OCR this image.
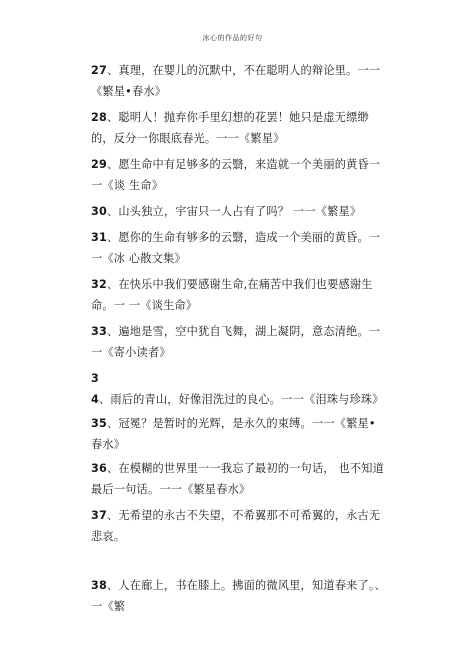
冰心的作品的好句

27、真理，在婴儿的沉默中，不在聪明人的辩论里。一一《繁星•春水》

28、聪明人！抛弃你手里幻想的花罢！她只是虚无缥缈的，反分一你眼底春光。一一《繁星》

29、愿生命中有足够多的云翳，来造就一个美丽的黄昏一一《谈 生命》

30、山头独立，宇宙只一人占有了吗？ 一一《繁星》

31、愿你的生命有够多的云翳，造成一个美丽的黄昏。一一《冰 心散文集》

32、在快乐中我们要感谢生命,在痛苦中我们也要感谢生命。一 一《谈生命》

33、遍地是雪，空中犹自飞舞，湖上凝阴，意态清绝。一一《寄小读者》

34、雨后的青山，好像泪洗过的良心。一一《泪珠与珍珠》

35、冠冕？是暂时的光辉，是永久的束缚。一一《繁星•春水》

36、在模糊的世界里一一我忘了最初的一句话， 也不知道最后一句话。一一《繁星春水》

37、无希望的永古不失望，不希翼那不可希翼的，永古无悲哀。

38、人在廊上，书在膝上。拂面的微风里，知道春来了。、一《繁
